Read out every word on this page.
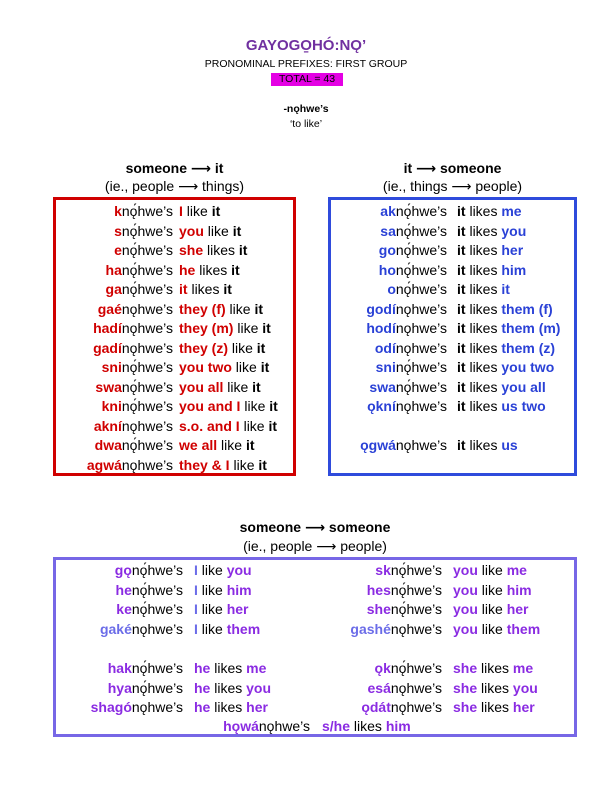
GAYOGO̱HÓ:NǪ’
PRONOMINAL PREFIXES: FIRST GROUP
TOTAL = 43
-nǫhwe’s
‘to like’
someone ⟶ it
(ie., people ⟶ things)
it ⟶ someone
(ie., things ⟶ people)
someone ⟶ someone
(ie., people ⟶ people)
knǫ́hwe’s I like it
snǫ́hwe’s you like it
enǫ́hwe’s she likes it
hanǫ́hwe’s he likes it
ganǫ́hwe’s it likes it
gaénǫhwe’s they (f) like it
hadínǫhwe’s they (m) like it
gadínǫhwe’s they (z) like it
sninǫ́hwe’s you two like it
swanǫ́hwe’s you all like it
kninǫ́hwe’s you and I like it
aknínǫhwe’s s.o. and I like it
dwanǫ́hwe’s we all like it
agwánǫhwe’s they & I like it
aknǫ́hwe’s it likes me
sanǫ́hwe’s it likes you
gonǫ́hwe’s it likes her
honǫ́hwe’s it likes him
onǫ́hwe’s it likes it
godínǫhwe’s it likes them (f)
hodínǫhwe’s it likes them (m)
odínǫhwe’s it likes them (z)
sninǫ́hwe’s it likes you two
swanǫ́hwe’s it likes you all
ǫknínǫhwe’s it likes us two
ǫgwánǫhwe’s it likes us
gǫnǫ́hwe’s I like you
henǫ́hwe’s I like him
kenǫ́hwe’s I like her
gakénǫhwe’s I like them
haknǫ́hwe’s he likes me
hyanǫ́hwe’s he likes you
shagónǫhwe’s he likes her
sknǫ́hwe’s you like me
hesnǫ́hwe’s you like him
shenǫ́hwe’s you like her
gashénǫhwe’s you like them
ǫknǫ́hwe’s she likes me
esánǫhwe’s she likes you
ǫdátnǫhwe’s she likes her
hǫwánǫhwe’s s/he likes him
